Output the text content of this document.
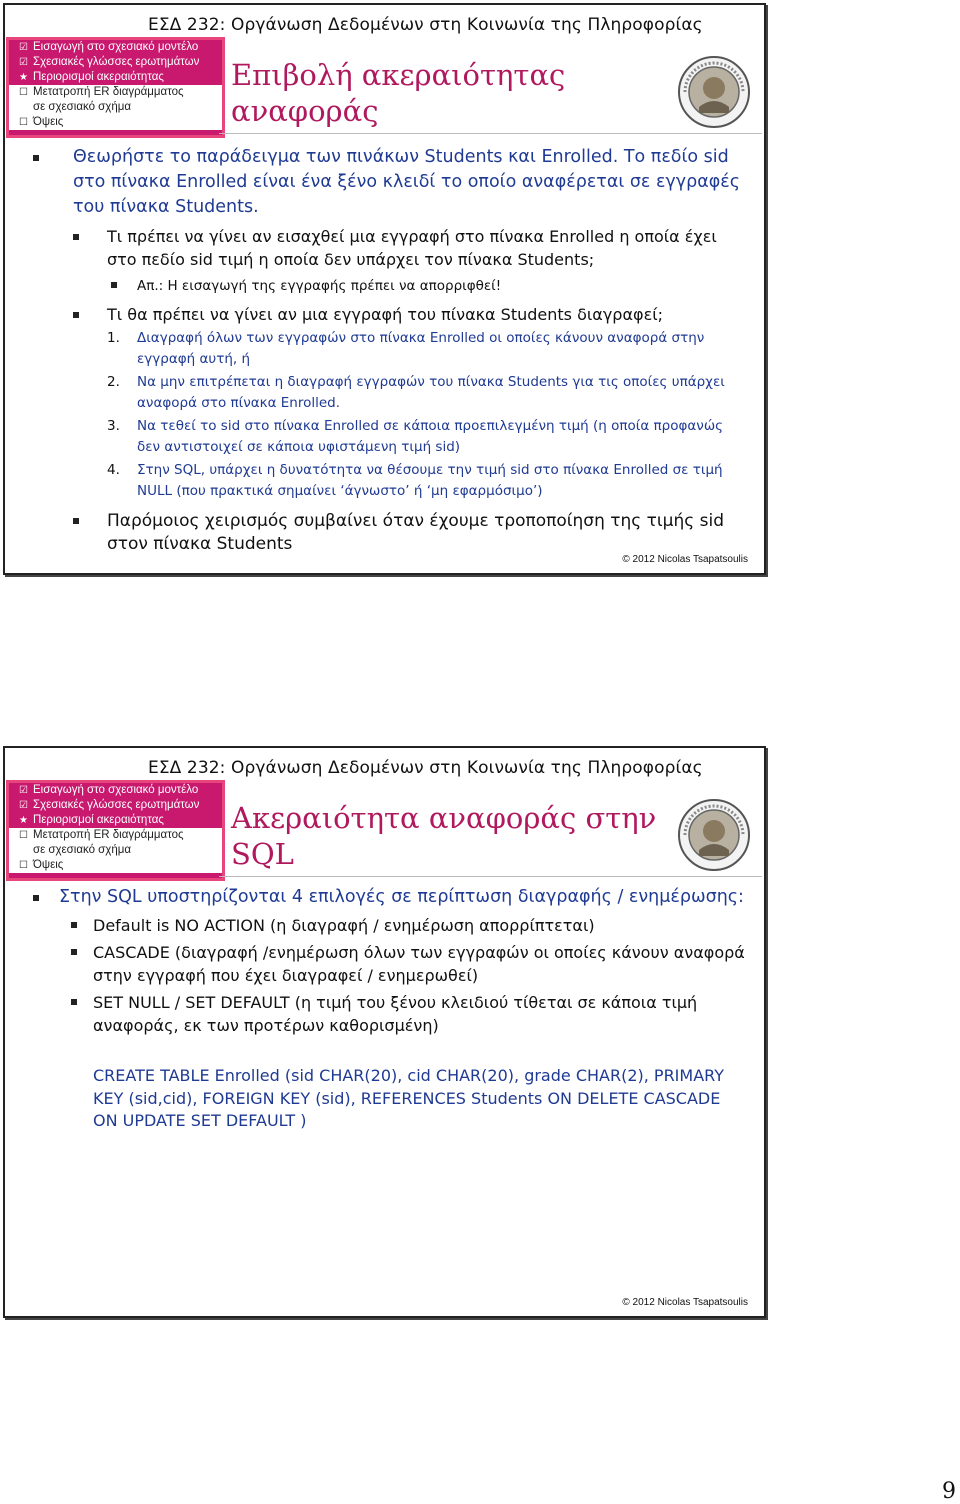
ΕΣΔ 232: Οργάνωση Δεδομένων στη Κοινωνία της Πληροφορίας
☑ Εισαγωγή στο σχεσιακό μοντέλο
☑ Σχεσιακές γλώσσες ερωτημάτων
★ Περιορισμοί ακεραιότητας
☐ Μετατροπή ER διαγράμματος
σε σχεσιακό σχήμα
☐ Όψεις
Επιβολή ακεραιότητας αναφοράς
Θεωρήστε το παράδειγμα των πινάκων Students και Enrolled. Το πεδίο sid στο πίνακα Enrolled είναι ένα ξένο κλειδί το οποίο αναφέρεται σε εγγραφές του πίνακα Students.
Τι πρέπει να γίνει αν εισαχθεί μια εγγραφή στο πίνακα Enrolled η οποία έχει στο πεδίο sid τιμή η οποία δεν υπάρχει τον πίνακα Students;
Απ.: Η εισαγωγή της εγγραφής πρέπει να απορριφθεί!
Τι θα πρέπει να γίνει αν μια εγγραφή του πίνακα Students διαγραφεί;
1. Διαγραφή όλων των εγγραφών στο πίνακα Enrolled οι οποίες κάνουν αναφορά στην εγγραφή αυτή, ή
2. Να μην επιτρέπεται η διαγραφή εγγραφών του πίνακα Students για τις οποίες υπάρχει αναφορά στο πίνακα Enrolled.
3. Να τεθεί το sid στο πίνακα Enrolled σε κάποια προεπιλεγμένη τιμή (η οποία προφανώς δεν αντιστοιχεί σε κάποια υφιστάμενη τιμή sid)
4. Στην SQL, υπάρχει η δυνατότητα να θέσουμε την τιμή sid στο πίνακα Enrolled σε τιμή NULL (που πρακτικά σημαίνει ‘άγνωστο’ ή ‘μη εφαρμόσιμο’)
Παρόμοιος χειρισμός συμβαίνει όταν έχουμε τροποποίηση της τιμής sid στον πίνακα Students
© 2012 Nicolas Tsapatsoulis
ΕΣΔ 232: Οργάνωση Δεδομένων στη Κοινωνία της Πληροφορίας
☑ Εισαγωγή στο σχεσιακό μοντέλο
☑ Σχεσιακές γλώσσες ερωτημάτων
★ Περιορισμοί ακεραιότητας
☐ Μετατροπή ER διαγράμματος
σε σχεσιακό σχήμα
☐ Όψεις
Ακεραιότητα αναφοράς στην SQL
Στην SQL υποστηρίζονται 4 επιλογές σε περίπτωση διαγραφής / ενημέρωσης:
Default is NO ACTION (η διαγραφή / ενημέρωση απορρίπτεται)
CASCADE (διαγραφή /ενημέρωση όλων των εγγραφών οι οποίες κάνουν αναφορά στην εγγραφή που έχει διαγραφεί / ενημερωθεί)
SET NULL / SET DEFAULT (η τιμή του ξένου κλειδιού τίθεται σε κάποια τιμή αναφοράς, εκ των προτέρων καθορισμένη)
CREATE TABLE Enrolled (sid CHAR(20), cid CHAR(20), grade CHAR(2), PRIMARY KEY (sid,cid), FOREIGN KEY (sid), REFERENCES Students ON DELETE CASCADE ON UPDATE SET DEFAULT )
© 2012 Nicolas Tsapatsoulis
9
